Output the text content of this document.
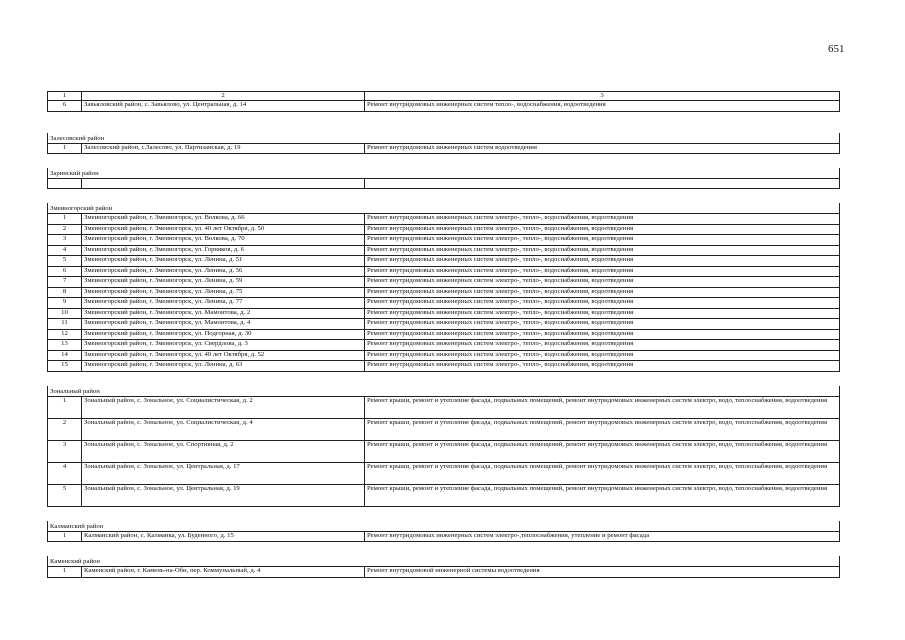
651
1	2	3
6	Завьяловский район, с. Завьялово, ул. Центральная, д. 14	Ремонт внутридомовых инженерных систем тепло-, водоснабжения, водоотведения

Залесовский район		
1	Залесовский район, с.Залесово, ул. Партизанская, д. 19	Ремонт внутридомовых инженерных систем водоотведения

Заринский район		

Змеиногорский район		
1	Змеиногорский район, г. Змеиногорск, ул. Волкова, д. 66	Ремонт внутридомовых инженерных систем электро-, тепло-, водоснабжения, водоотведения
2	Змеиногорский район, г. Змеиногорск, ул. 40 лет Октября, д. 50	Ремонт внутридомовых инженерных систем электро-, тепло-, водоснабжения, водоотведения
3	Змеиногорский район, г. Змеиногорск, ул. Волкова, д. 70	Ремонт внутридомовых инженерных систем электро-, тепло-, водоснабжения, водоотведения
4	Змеиногорский район, г. Змеиногорск, ул. Горняков, д. 6	Ремонт внутридомовых инженерных систем электро-, тепло-, водоснабжения, водоотведения
5	Змеиногорский район, г. Змеиногорск, ул. Ленина, д. 51	Ремонт внутридомовых инженерных систем электро-, тепло-, водоснабжения, водоотведения
6	Змеиногорский район, г. Змеиногорск, ул. Ленина, д. 56	Ремонт внутридомовых инженерных систем электро-, тепло-, водоснабжения, водоотведения
7	Змеиногорский район, г. Змеиногорск, ул. Ленина, д. 59	Ремонт внутридомовых инженерных систем электро-, тепло-, водоснабжения, водоотведения
8	Змеиногорский район, г. Змеиногорск, ул. Ленина, д. 75	Ремонт внутридомовых инженерных систем электро-, тепло-, водоснабжения, водоотведения
9	Змеиногорский район, г. Змеиногорск, ул. Ленина, д. 77	Ремонт внутридомовых инженерных систем электро-, тепло-, водоснабжения, водоотведения
10	Змеиногорский район, г. Змеиногорск, ул. Мамонтова, д. 2	Ремонт внутридомовых инженерных систем электро-, тепло-, водоснабжения, водоотведения
11	Змеиногорский район, г. Змеиногорск, ул. Мамонтова, д. 4	Ремонт внутридомовых инженерных систем электро-, тепло-, водоснабжения, водоотведения
12	Змеиногорский район, г. Змеиногорск, ул. Подгорная, д. 30	Ремонт внутридомовых инженерных систем электро-, тепло-, водоснабжения, водоотведения
13	Змеиногорский район, г. Змеиногорск, ул. Свердлова, д. 3	Ремонт внутридомовых инженерных систем электро-, тепло-, водоснабжения, водоотведения
14	Змеиногорский район, г. Змеиногорск, ул. 40 лет Октября, д. 52	Ремонт внутридомовых инженерных систем электро-, тепло-, водоснабжения, водоотведения
15	Змеиногорский район, г. Змеиногорск, ул. Ленина, д. 63	Ремонт внутридомовых инженерных систем электро-, тепло-, водоснабжения, водоотведения

Зональный район		
1	Зональный район, с. Зональное, ул. Социалистическая, д. 2	Ремонт крыши, ремонт и утепление фасада, подвальных помещений, ремонт внутридомовых инженерных систем электро, водо, теплоснабжения, водоотведения
2	Зональный район, с. Зональное, ул. Социалистическая, д. 4	Ремонт крыши, ремонт и утепление фасада, подвальных помещений, ремонт внутридомовых инженерных систем электро, водо, теплоснабжения, водоотведения
3	Зональный район, с. Зональное, ул. Спортивная, д. 2	Ремонт крыши, ремонт и утепление фасада, подвальных помещений, ремонт внутридомовых инженерных систем электро, водо, теплоснабжения, водоотведения
4	Зональный район, с. Зональное, ул. Центральная, д. 17	Ремонт крыши, ремонт и утепление фасада, подвальных помещений, ремонт внутридомовых инженерных систем электро, водо, теплоснабжения, водоотведения
5	Зональный район, с. Зональное, ул. Центральная, д. 19	Ремонт крыши, ремонт и утепление фасада, подвальных помещений, ремонт внутридомовых инженерных систем электро, водо, теплоснабжения, водоотведения

Калманский район		
1	Калманский район, с. Калманка, ул. Буденного, д. 15	Ремонт внутридомовых инженерных систем электро-,теплоснабжения, утепление и ремонт фасада

Каменский район		
1	Каменский район, г. Камень-на-Оби, пер. Коммунальный, д. 4	Ремонт внутридомовой инженерной системы водоотведения
